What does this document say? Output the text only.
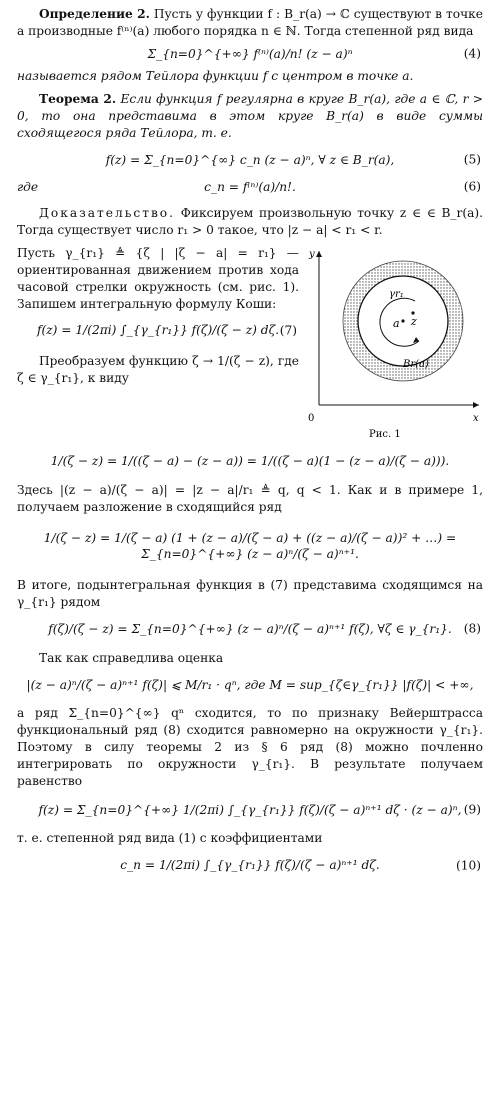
Определение 2. Пусть у функции f : B_r(a) → ℂ существуют в точке a производные f⁽ⁿ⁾(a) любого порядка n ∈ ℕ. Тогда степенной ряд вида

Σ_{n=0}^{+∞} f⁽ⁿ⁾(a)/n! (z − a)ⁿ	(4)

называется рядом Тейлора функции f с центром в точке a.

Теорема 2. Если функция f регулярна в круге B_r(a), где a ∈ ℂ, r > 0, то она представима в этом круге B_r(a) в виде суммы сходящегося ряда Тейлора, т. е.

f(z) = Σ_{n=0}^{∞} c_n (z − a)ⁿ, ∀ z ∈ B_r(a),	(5)
где	c_n = f⁽ⁿ⁾(a)/n!.	(6)

Доказательство. Фиксируем произвольную точку z ∈ ∈ B_r(a). Тогда существует число r₁ > 0 такое, что |z − a| < r₁ < r.

Пусть γ_{r₁} ≜ {ζ | |ζ − a| = r₁} — ориентированная движением против хода часовой стрелки окружность (см. рис. 1). Запишем интегральную формулу Коши:

f(z) = 1/(2πi) ∫_{γ_{r₁}} f(ζ)/(ζ − z) dζ. (7)

Преобразуем функцию ζ → 1/(ζ − z), где ζ ∈ γ_{r₁}, к виду

a z
γr₁
Br(a)
0
y
x
Рис. 1
1/(ζ − z) = 1/((ζ − a) − (z − a)) = 1/((ζ − a)(1 − (z − a)/(ζ − a))).

Здесь |(z − a)/(ζ − a)| = |z − a|/r₁ ≜ q, q < 1. Как и в примере 1, получаем разложение в сходящийся ряд

1/(ζ − z) = 1/(ζ − a) (1 + (z − a)/(ζ − a) + ((z − a)/(ζ − a))² + …) = Σ_{n=0}^{+∞} (z − a)ⁿ/(ζ − a)ⁿ⁺¹.

В итоге, подынтегральная функция в (7) представима сходящимся на γ_{r₁} рядом

f(ζ)/(ζ − z) = Σ_{n=0}^{+∞} (z − a)ⁿ/(ζ − a)ⁿ⁺¹ f(ζ), ∀ζ ∈ γ_{r₁}. (8)

Так как справедлива оценка

|(z − a)ⁿ/(ζ − a)ⁿ⁺¹ f(ζ)| ⩽ M/r₁ · qⁿ, где M = sup_{ζ∈γ_{r₁}} |f(ζ)| < +∞,

а ряд Σ_{n=0}^{∞} qⁿ сходится, то по признаку Вейерштрасса функциональный ряд (8) сходится равномерно на окружности γ_{r₁}. Поэтому в силу теоремы 2 из § 6 ряд (8) можно почленно интегрировать по окружности γ_{r₁}. В результате получаем равенство

f(z) = Σ_{n=0}^{+∞} 1/(2πi) ∫_{γ_{r₁}} f(ζ)/(ζ − a)ⁿ⁺¹ dζ · (z − a)ⁿ, (9)

т. е. степенной ряд вида (1) с коэффициентами

c_n = 1/(2πi) ∫_{γ_{r₁}} f(ζ)/(ζ − a)ⁿ⁺¹ dζ.	(10)
